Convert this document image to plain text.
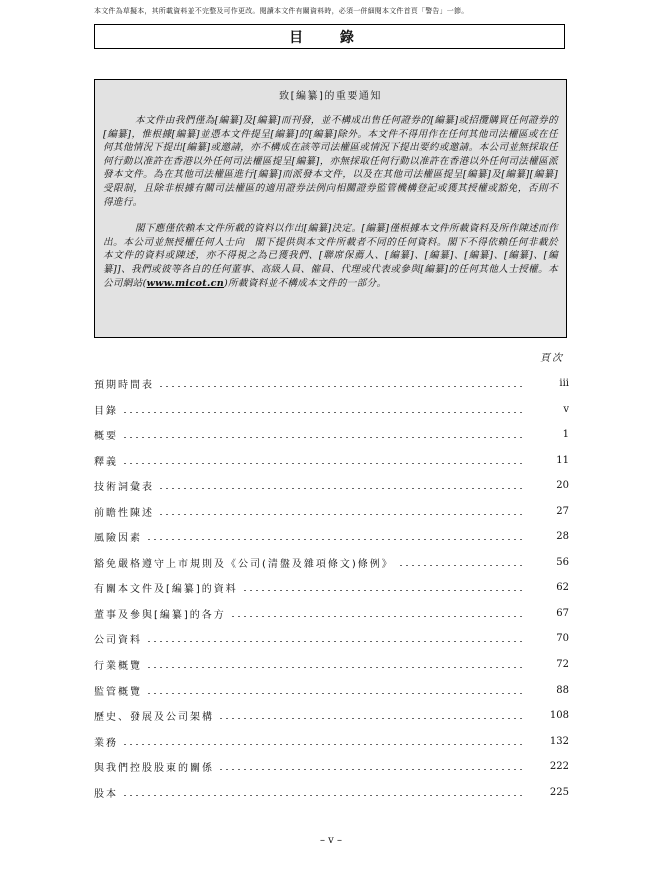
本文件為草擬本，其所載資料並不完整及可作更改。閱讀本文件有關資料時，必須一併細閱本文件首頁「警告」一節。
目 錄
致[編纂]的重要通知

本文件由我們僅為[編纂]及[編纂]而刊發，並不構成出售任何證券的[編纂]或招攬購買任何證券的[編纂]，惟根據[編纂]並憑本文件提呈[編纂]的[編纂]除外。本文件不得用作在任何其他司法權區或在任何其他情況下提出[編纂]或邀請，亦不構成在該等司法權區或情況下提出要約或邀請。本公司並無採取任何行動以准許在香港以外任何司法權區提呈[編纂]，亦無採取任何行動以准許在香港以外任何司法權區派發本文件。為在其他司法權區進行[編纂]而派發本文件，以及在其他司法權區提呈[編纂]及[編纂][編纂]受限制，且除非根據有關司法權區的適用證券法例向相關證券監管機構登記或獲其授權或豁免，否則不得進行。

閣下應僅依賴本文件所載的資料以作出[編纂]決定。[編纂]僅根據本文件所載資料及所作陳述而作出。本公司並無授權任何人士向　閣下提供與本文件所載者不同的任何資料。閣下不得依賴任何非載於本文件的資料或陳述，亦不得視之為已獲我們、[聯席保薦人、[編纂]、[編纂]、[編纂]、[編纂]、[編纂]]、我們或彼等各自的任何董事、高級人員、僱員、代理或代表或參與[編纂]的任何其他人士授權。本公司網站(www.micot.cn)所載資料並不構成本文件的一部分。

頁次
預期時間表	iii
目錄	v
概要	1
釋義	11
技術詞彙表	20
前瞻性陳述	27
風險因素	28
豁免嚴格遵守上市規則及《公司(清盤及雜項條文)條例》	56
有關本文件及[編纂]的資料	62
董事及參與[編纂]的各方	67
公司資料	70
行業概覽	72
監管概覽	88
歷史、發展及公司架構	108
業務	132
與我們控股股東的關係	222
股本	225
– v –
